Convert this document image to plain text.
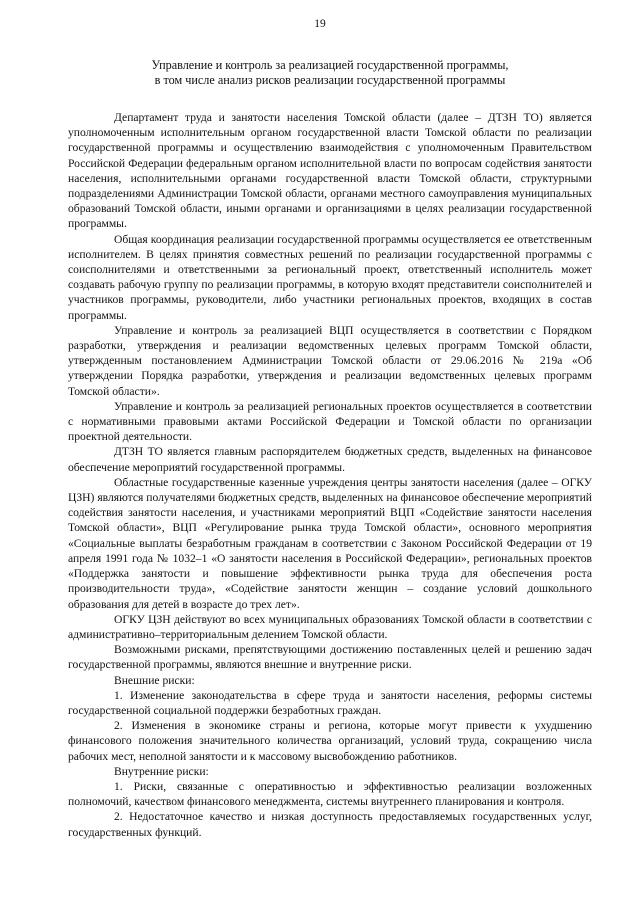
19
Управление и контроль за реализацией государственной программы,
в том числе анализ рисков реализации государственной программы

Департамент труда и занятости населения Томской области (далее – ДТЗН ТО) является уполномоченным исполнительным органом государственной власти Томской области по реализации государственной программы и осуществлению взаимодействия с уполномоченным Правительством Российской Федерации федеральным органом исполнительной власти по вопросам содействия занятости населения, исполнительными органами государственной власти Томской области, структурными подразделениями Администрации Томской области, органами местного самоуправления муниципальных образований Томской области, иными органами и организациями в целях реализации государственной программы.

Общая координация реализации государственной программы осуществляется ее ответственным исполнителем. В целях принятия совместных решений по реализации государственной программы с соисполнителями и ответственными за региональный проект, ответственный исполнитель может создавать рабочую группу по реализации программы, в которую входят представители соисполнителей и участников программы, руководители, либо участники региональных проектов, входящих в состав программы.

Управление и контроль за реализацией ВЦП осуществляется в соответствии с Порядком разработки, утверждения и реализации ведомственных целевых программ Томской области, утвержденным постановлением Администрации Томской области от 29.06.2016 № 219а «Об утверждении Порядка разработки, утверждения и реализации ведомственных целевых программ Томской области».

Управление и контроль за реализацией региональных проектов осуществляется в соответствии с нормативными правовыми актами Российской Федерации и Томской области по организации проектной деятельности.

ДТЗН ТО является главным распорядителем бюджетных средств, выделенных на финансовое обеспечение мероприятий государственной программы.

Областные государственные казенные учреждения центры занятости населения (далее – ОГКУ ЦЗН) являются получателями бюджетных средств, выделенных на финансовое обеспечение мероприятий содействия занятости населения, и участниками мероприятий ВЦП «Содействие занятости населения Томской области», ВЦП «Регулирование рынка труда Томской области», основного мероприятия «Социальные выплаты безработным гражданам в соответствии с Законом Российской Федерации от 19 апреля 1991 года № 1032–1 «О занятости населения в Российской Федерации», региональных проектов «Поддержка занятости и повышение эффективности рынка труда для обеспечения роста производительности труда», «Содействие занятости женщин – создание условий дошкольного образования для детей в возрасте до трех лет».

ОГКУ ЦЗН действуют во всех муниципальных образованиях Томской области в соответствии с административно–территориальным делением Томской области.

Возможными рисками, препятствующими достижению поставленных целей и решению задач государственной программы, являются внешние и внутренние риски.

Внешние риски:

1. Изменение законодательства в сфере труда и занятости населения, реформы системы государственной социальной поддержки безработных граждан.

2. Изменения в экономике страны и региона, которые могут привести к ухудшению финансового положения значительного количества организаций, условий труда, сокращению числа рабочих мест, неполной занятости и к массовому высвобождению работников.

Внутренние риски:

1. Риски, связанные с оперативностью и эффективностью реализации возложенных полномочий, качеством финансового менеджмента, системы внутреннего планирования и контроля.

2. Недостаточное качество и низкая доступность предоставляемых государственных услуг, государственных функций.
